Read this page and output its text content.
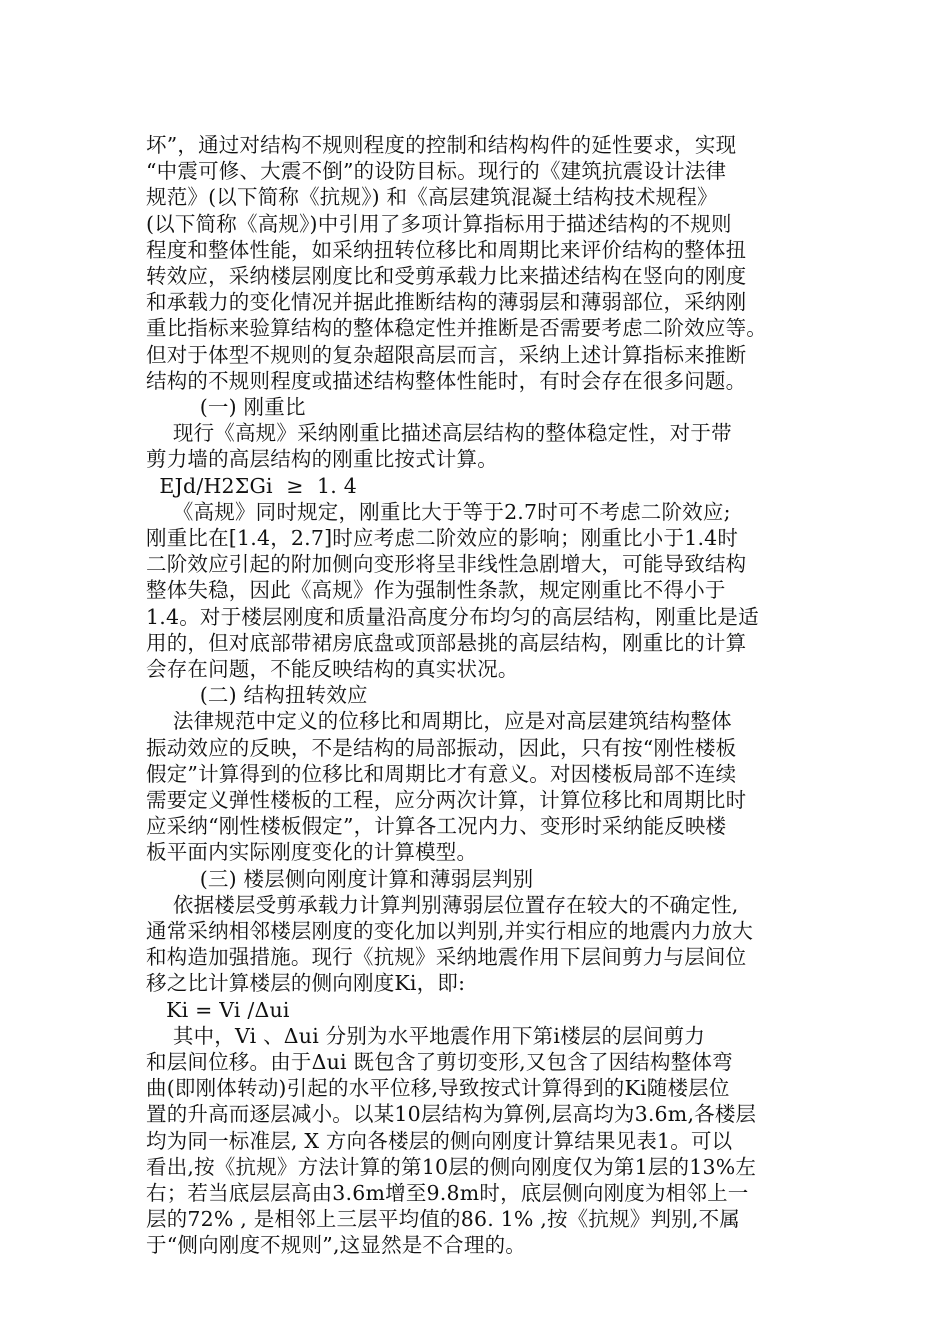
坏”，通过对结构不规则程度的控制和结构构件的延性要求，实现
“中震可修、大震不倒”的设防目标。现行的《建筑抗震设计法律
规范》(以下简称《抗规》) 和《高层建筑混凝土结构技术规程》
(以下简称《高规》)中引用了多项计算指标用于描述结构的不规则
程度和整体性能，如采纳扭转位移比和周期比来评价结构的整体扭
转效应，采纳楼层刚度比和受剪承载力比来描述结构在竖向的刚度
和承载力的变化情况并据此推断结构的薄弱层和薄弱部位，采纳刚
重比指标来验算结构的整体稳定性并推断是否需要考虑二阶效应等。
但对于体型不规则的复杂超限高层而言，采纳上述计算指标来推断
结构的不规则程度或描述结构整体性能时，有时会存在很多问题。
(一) 刚重比
现行《高规》采纳刚重比描述高层结构的整体稳定性，对于带
剪力墙的高层结构的刚重比按式计算。
EJd/H2ΣGi  ≥  1. 4
《高规》同时规定，刚重比大于等于2.7时可不考虑二阶效应;
刚重比在[1.4，2.7]时应考虑二阶效应的影响；刚重比小于1.4时
二阶效应引起的附加侧向变形将呈非线性急剧增大，可能导致结构
整体失稳，因此《高规》作为强制性条款，规定刚重比不得小于
1.4。对于楼层刚度和质量沿高度分布均匀的高层结构，刚重比是适
用的，但对底部带裙房底盘或顶部悬挑的高层结构，刚重比的计算
会存在问题，不能反映结构的真实状况。
(二) 结构扭转效应
法律规范中定义的位移比和周期比，应是对高层建筑结构整体
振动效应的反映，不是结构的局部振动，因此，只有按“刚性楼板
假定”计算得到的位移比和周期比才有意义。对因楼板局部不连续
需要定义弹性楼板的工程，应分两次计算，计算位移比和周期比时
应采纳“刚性楼板假定”，计算各工况内力、变形时采纳能反映楼
板平面内实际刚度变化的计算模型。
(三) 楼层侧向刚度计算和薄弱层判别
依据楼层受剪承载力计算判别薄弱层位置存在较大的不确定性,
通常采纳相邻楼层刚度的变化加以判别,并实行相应的地震内力放大
和构造加强措施。现行《抗规》采纳地震作用下层间剪力与层间位
移之比计算楼层的侧向刚度Ki，即:
Ki = Vi /Δui
其中，Vi 、Δui 分别为水平地震作用下第i楼层的层间剪力
和层间位移。由于Δui 既包含了剪切变形,又包含了因结构整体弯
曲(即刚体转动)引起的水平位移,导致按式计算得到的Ki随楼层位
置的升高而逐层减小。以某10层结构为算例,层高均为3.6m,各楼层
均为同一标准层, X 方向各楼层的侧向刚度计算结果见表1。可以
看出,按《抗规》方法计算的第10层的侧向刚度仅为第1层的13%左
右；若当底层层高由3.6m增至9.8m时，底层侧向刚度为相邻上一
层的72% , 是相邻上三层平均值的86. 1% ,按《抗规》判别,不属
于“侧向刚度不规则”,这显然是不合理的。
